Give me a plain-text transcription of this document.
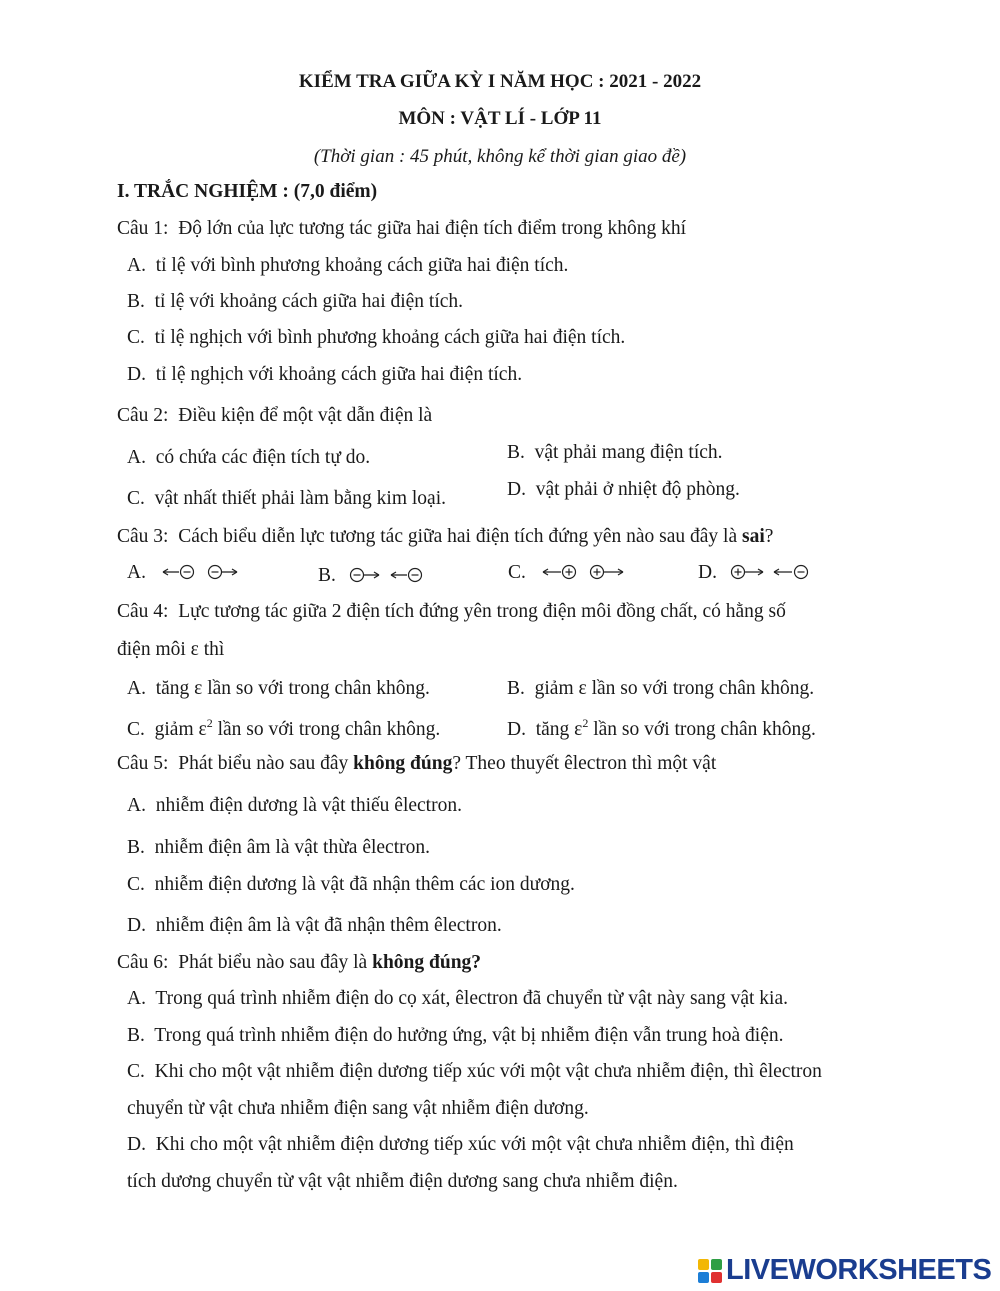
KIỂM TRA GIỮA KỲ I NĂM HỌC : 2021 - 2022
MÔN : VẬT LÍ - LỚP 11
(Thời gian : 45 phút, không kể thời gian giao đề)
I. TRẮC NGHIỆM : (7,0 điểm)
Câu 1: Độ lớn của lực tương tác giữa hai điện tích điểm trong không khí
A. tỉ lệ với bình phương khoảng cách giữa hai điện tích.
B. tỉ lệ với khoảng cách giữa hai điện tích.
C. tỉ lệ nghịch với bình phương khoảng cách giữa hai điện tích.
D. tỉ lệ nghịch với khoảng cách giữa hai điện tích.
Câu 2: Điều kiện để một vật dẫn điện là
A. có chứa các điện tích tự do.	B. vật phải mang điện tích.
C. vật nhất thiết phải làm bằng kim loại.	D. vật phải ở nhiệt độ phòng.
Câu 3: Cách biểu diễn lực tương tác giữa hai điện tích đứng yên nào sau đây là sai?
A.	B.	C.	D.
Câu 4: Lực tương tác giữa 2 điện tích đứng yên trong điện môi đồng chất, có hằng số
điện môi ε thì
A. tăng ε lần so với trong chân không.	B. giảm ε lần so với trong chân không.
C. giảm $\varepsilon^2$ lần so với trong chân không.	D. tăng $\varepsilon^2$ lần so với trong chân không.
Câu 5: Phát biểu nào sau đây không đúng? Theo thuyết êlectron thì một vật
A. nhiễm điện dương là vật thiếu êlectron.
B. nhiễm điện âm là vật thừa êlectron.
C. nhiễm điện dương là vật đã nhận thêm các ion dương.
D. nhiễm điện âm là vật đã nhận thêm êlectron.
Câu 6: Phát biểu nào sau đây là không đúng?
A. Trong quá trình nhiễm điện do cọ xát, êlectron đã chuyển từ vật này sang vật kia.
B. Trong quá trình nhiễm điện do hưởng ứng, vật bị nhiễm điện vẫn trung hoà điện.
C. Khi cho một vật nhiễm điện dương tiếp xúc với một vật chưa nhiễm điện, thì êlectron
chuyển từ vật chưa nhiễm điện sang vật nhiễm điện dương.
D. Khi cho một vật nhiễm điện dương tiếp xúc với một vật chưa nhiễm điện, thì điện
tích dương chuyển từ vật vật nhiễm điện dương sang chưa nhiễm điện.
LIVEWORKSHEETS
